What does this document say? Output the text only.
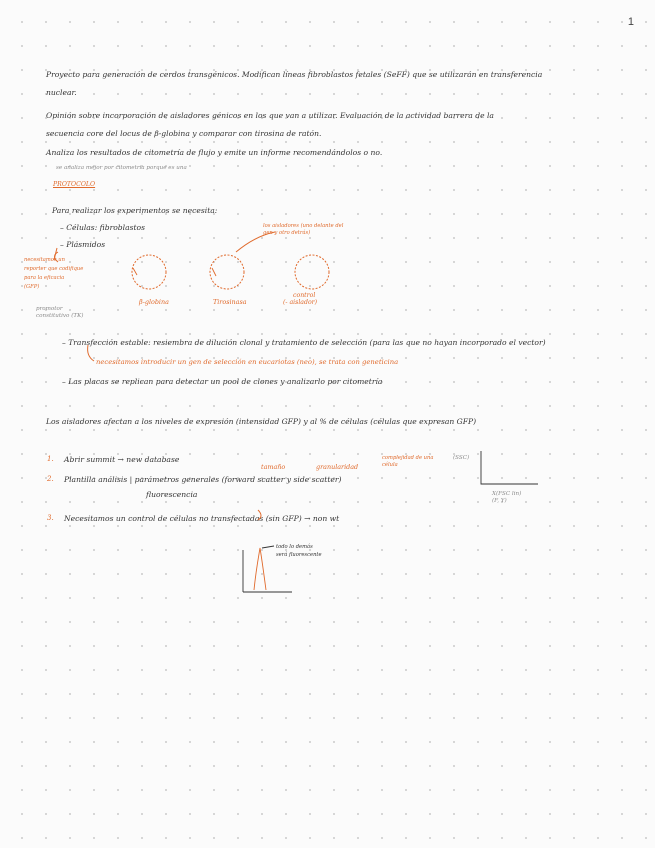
1
Proyecto para generación de cerdos transgénicos. Modifican líneas fibroblastos fetales (SeFF) que se utilizarán en transferencia
nuclear.
Opinión sobre incorporación de aisladores génicos en los que van a utilizar. Evaluación de la actividad barrera de la
secuencia core del locus de β-globina y comparar con tirosina de ratón.
Analiza los resultados de citometría de flujo y emite un informe recomendándolos o no.
se analiza mejor por citometria porque es una
PROTOCOLO
Para realizar los experimentos se necesita:
– Células: fibroblastos
– Plásmidos
necesitamos un
reporter que codifique
para la eficacia
(GFP)
promotor
constitutivo (TK)
los aisladores (uno delante del
gen y otro detrás)
β-globina	Tirosinasa
control
(- aislador)
– Transfección estable: resiembra de dilución clonal y tratamiento de selección (para las que no hayan incorporado el vector)
necesitamos introducir un gen de selección en eucariotas (neo), se trata con geneticina
– Las placas se replican para detectar un pool de clones y analizarlo por citometría
Los aisladores afectan a los niveles de expresión (intensidad GFP) y al % de células (células que expresan GFP)
1. Abrir summit → new database
2. Plantilla análisis | parámetros generales (forward scatter y side scatter)
fluorescencia
tamaño	granularidad
complejidad de una
célula
(SSC)
X(FSC lin)
(F, Y)
3. Necesitamos un control de células no transfectadas (sin GFP) → non wt
todo lo demás
será fluorescente
